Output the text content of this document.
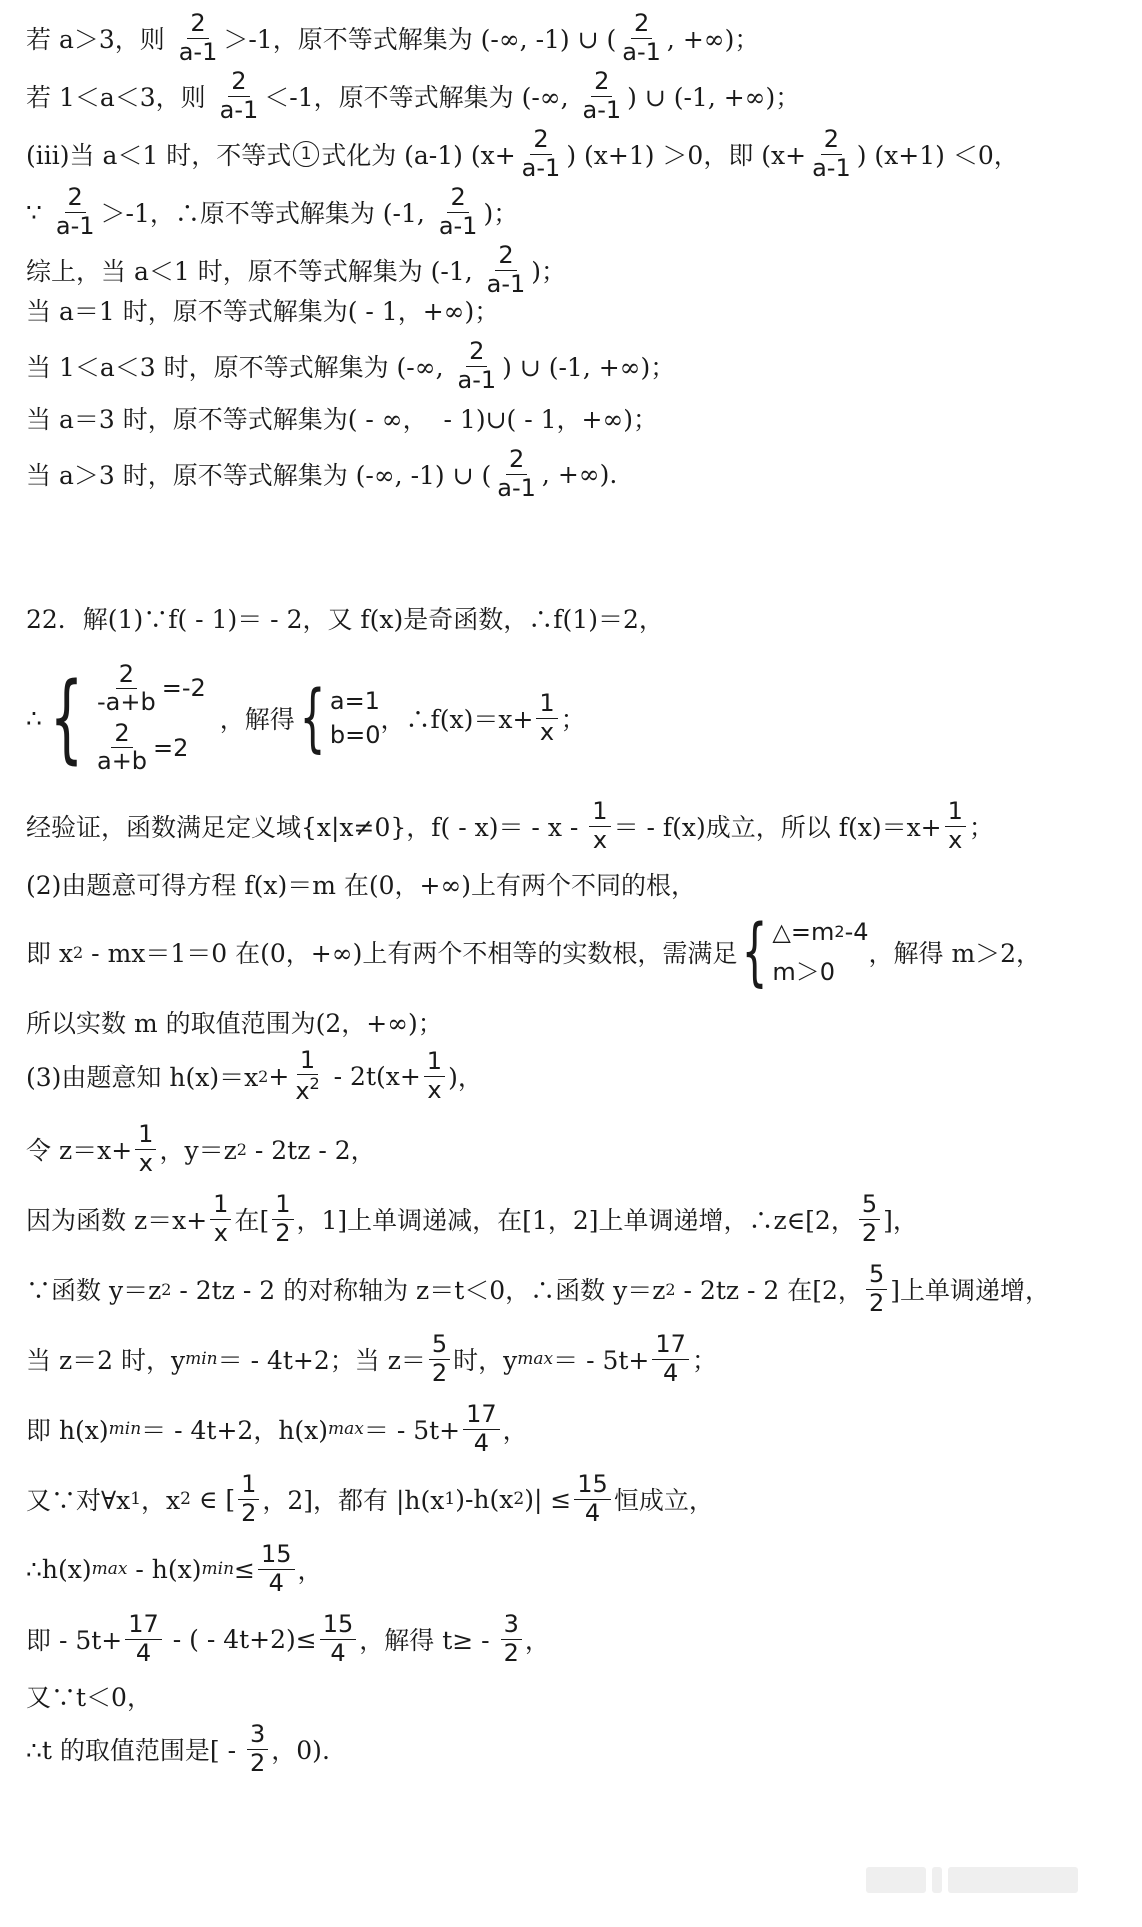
若 a＞3，则 $\frac{2}{a-1} >-1$，原不等式解集为 (-∞, -1) ∪ ( $\frac{2}{a-1}$ , +∞)；
若 1＜a＜3，则 $\frac{2}{a-1} <-1$，原不等式解集为 (-∞, $\frac{2}{a-1}$ ) ∪ (-1, +∞)；
(iii)当 a＜1 时，不等式 1 式化为 (a-1) ($x+ \frac{2}{a-1}$ ) (x+1) ＞0，即 ($x+ \frac{2}{a-1}$ ) (x+1) ＜0，
∵ $\frac{2}{a-1} >-1$，∴原不等式解集为 (-1, $\frac{2}{a-1}$ )；
综上，当 a＜1 时，原不等式解集为 (-1, $\frac{2}{a-1}$ )；
当 a＝1 时，原不等式解集为( - 1，+∞)；
当 1＜a＜3 时，原不等式解集为 (-∞, $\frac{2}{a-1}$ ) ∪ (-1, +∞)；
当 a＝3 时，原不等式解集为( - ∞，  - 1)∪( - 1，+∞)；
当 a＞3 时，原不等式解集为 (-∞, -1) ∪ ( $\frac{2}{a-1}$ , +∞).
22．解(1)∵f( - 1)＝ - 2，又 f(x)是奇函数，∴f(1)＝2，
∴ { $\frac{2}{-a+b} =-2$
$\frac{2}{a+b} =2$
，解得 { a=1
b=0
，∴f(x)＝x+ $\frac{1}{x}$ ；
经验证，函数满足定义域{x|x≠0}，$f( - x)= - x - \frac{1}{x}$ ＝ - f(x)成立，所以 $f(x)=x+ \frac{1}{x}$ ；
(2)由题意可得方程 f(x)＝m 在(0，+∞)上有两个不同的根，
即 x 2 - mx＝1＝0 在(0，+∞)上有两个不相等的实数根，需满足 { △=m 2 -4
m＞0
，解得 m＞2，
所以实数 m 的取值范围为(2，+∞)；
(3)由题意知 h(x)＝x $2 + \frac{1}{x^2} - 2t(x+ \frac{1}{x}$ )，
令 $z=x+ \frac{1}{x}$ ，y＝z 2 - 2tz - 2，
因为函数 $z=x+ \frac{1}{x}$ 在[ $\frac{1}{2}$ ，1]上单调递减，在[1，2]上单调递增，∴z∈[2， $\frac{5}{2}$ ]，
∵函数 y＝z 2 - 2tz - 2 的对称轴为 z＝t＜0，∴函数 y＝z 2 - 2tz - 2 在[2， $\frac{5}{2}$ ]上单调递增，
当 z＝2 时，y min ＝ - 4t+2；当 $z= \frac{5}{2}$ 时，y max ＝ - $5t+ \frac{17}{4}$ ；
即 h(x) min ＝ - 4t+2，h(x) max ＝ - $5t+ \frac{17}{4}$ ，
又∵对∀x 1 ，x 2 ∈ [ $\frac{1}{2}$ ，2]，都有 |h(x 1 )-h(x 2 )| ≤ $\frac{15}{4}$ 恒成立，
∴h(x) max - h(x) $\min \le \frac{15}{4}$ ，
即 - $5t+ \frac{17}{4}$ - ( - $4t+2)\le \frac{15}{4}$ ，解得 $t\ge - \frac{3}{2}$ ，
又∵t＜0，
∴t 的取值范围是[ - $\frac{3}{2}$ ，0).
